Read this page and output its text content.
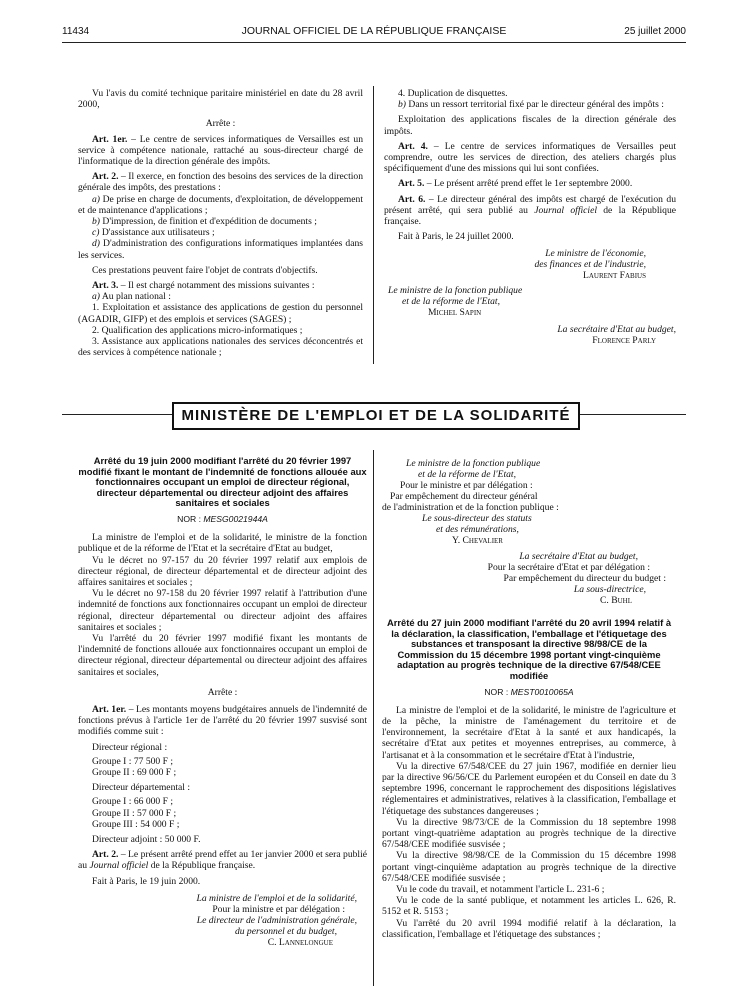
11434	JOURNAL OFFICIEL DE LA RÉPUBLIQUE FRANÇAISE	25 juillet 2000

Vu l'avis du comité technique paritaire ministériel en date du 28 avril 2000,

Arrête :

Art. 1er. – Le centre de services informatiques de Versailles est un service à compétence nationale, rattaché au sous-directeur chargé de l'informatique de la direction générale des impôts.

Art. 2. – Il exerce, en fonction des besoins des services de la direction générale des impôts, des prestations :

a) De prise en charge de documents, d'exploitation, de développement et de maintenance d'applications ;

b) D'impression, de finition et d'expédition de documents ;

c) D'assistance aux utilisateurs ;

d) D'administration des configurations informatiques implantées dans les services.

Ces prestations peuvent faire l'objet de contrats d'objectifs.

Art. 3. – Il est chargé notamment des missions suivantes :

a) Au plan national :

1. Exploitation et assistance des applications de gestion du personnel (AGADIR, GIFP) et des emplois et services (SAGES) ;

2. Qualification des applications micro-informatiques ;

3. Assistance aux applications nationales des services déconcentrés et des services à compétence nationale ;

4. Duplication de disquettes.

b) Dans un ressort territorial fixé par le directeur général des impôts :

Exploitation des applications fiscales de la direction générale des impôts.

Art. 4. – Le centre de services informatiques de Versailles peut comprendre, outre les services de direction, des ateliers chargés plus spécifiquement d'une des missions qui lui sont confiées.

Art. 5. – Le présent arrêté prend effet le 1er septembre 2000.

Art. 6. – Le directeur général des impôts est chargé de l'exécution du présent arrêté, qui sera publié au Journal officiel de la République française.

Fait à Paris, le 24 juillet 2000.

Le ministre de l'économie,
des finances et de l'industrie,
Laurent Fabius
Le ministre de la fonction publique
et de la réforme de l'Etat,
Michel Sapin
La secrétaire d'Etat au budget,
Florence Parly
MINISTÈRE DE L'EMPLOI ET DE LA SOLIDARITÉ

Arrêté du 19 juin 2000 modifiant l'arrêté du 20 février 1997 modifié fixant le montant de l'indemnité de fonctions allouée aux fonctionnaires occupant un emploi de directeur régional, directeur départemental ou directeur adjoint des affaires sanitaires et sociales

NOR : MESG0021944A

La ministre de l'emploi et de la solidarité, le ministre de la fonction publique et de la réforme de l'Etat et la secrétaire d'Etat au budget,

Vu le décret no 97-157 du 20 février 1997 relatif aux emplois de directeur régional, de directeur départemental et de directeur adjoint des affaires sanitaires et sociales ;

Vu le décret no 97-158 du 20 février 1997 relatif à l'attribution d'une indemnité de fonctions aux fonctionnaires occupant un emploi de directeur régional, directeur départemental ou directeur adjoint des affaires sanitaires et sociales ;

Vu l'arrêté du 20 février 1997 modifié fixant les montants de l'indemnité de fonctions allouée aux fonctionnaires occupant un emploi de directeur régional, directeur départemental ou directeur adjoint des affaires sanitaires et sociales,

Arrête :

Art. 1er. – Les montants moyens budgétaires annuels de l'indemnité de fonctions prévus à l'article 1er de l'arrêté du 20 février 1997 susvisé sont modifiés comme suit :

Directeur régional :

Groupe I : 77 500 F ;

Groupe II : 69 000 F ;

Directeur départemental :

Groupe I : 66 000 F ;

Groupe II : 57 000 F ;

Groupe III : 54 000 F ;

Directeur adjoint : 50 000 F.

Art. 2. – Le présent arrêté prend effet au 1er janvier 2000 et sera publié au Journal officiel de la République française.

Fait à Paris, le 19 juin 2000.

La ministre de l'emploi et de la solidarité,
Pour la ministre et par délégation :
Le directeur de l'administration générale,
du personnel et du budget,
C. Lannelongue
Le ministre de la fonction publique
et de la réforme de l'Etat,
Pour le ministre et par délégation :
Par empêchement du directeur général
de l'administration et de la fonction publique :
Le sous-directeur des statuts
et des rémunérations,
Y. Chevalier
La secrétaire d'Etat au budget,
Pour la secrétaire d'Etat et par délégation :
Par empêchement du directeur du budget :
La sous-directrice,
C. Buhl

Arrêté du 27 juin 2000 modifiant l'arrêté du 20 avril 1994 relatif à la déclaration, la classification, l'emballage et l'étiquetage des substances et transposant la directive 98/98/CE de la Commission du 15 décembre 1998 portant vingt-cinquième adaptation au progrès technique de la directive 67/548/CEE modifiée

NOR : MEST0010065A

La ministre de l'emploi et de la solidarité, le ministre de l'agriculture et de la pêche, la ministre de l'aménagement du territoire et de l'environnement, la secrétaire d'Etat à la santé et aux handicapés, la secrétaire d'Etat aux petites et moyennes entreprises, au commerce, à l'artisanat et à la consommation et le secrétaire d'Etat à l'industrie,

Vu la directive 67/548/CEE du 27 juin 1967, modifiée en dernier lieu par la directive 96/56/CE du Parlement européen et du Conseil en date du 3 septembre 1996, concernant le rapprochement des dispositions législatives réglementaires et administratives, relatives à la classification, l'emballage et l'étiquetage des substances dangereuses ;

Vu la directive 98/73/CE de la Commission du 18 septembre 1998 portant vingt-quatrième adaptation au progrès technique de la directive 67/548/CEE modifiée susvisée ;

Vu la directive 98/98/CE de la Commission du 15 décembre 1998 portant vingt-cinquième adaptation au progrès technique de la directive 67/548/CEE modifiée susvisée ;

Vu le code du travail, et notamment l'article L. 231-6 ;

Vu le code de la santé publique, et notamment les articles L. 626, R. 5152 et R. 5153 ;

Vu l'arrêté du 20 avril 1994 modifié relatif à la déclaration, la classification, l'emballage et l'étiquetage des substances ;
